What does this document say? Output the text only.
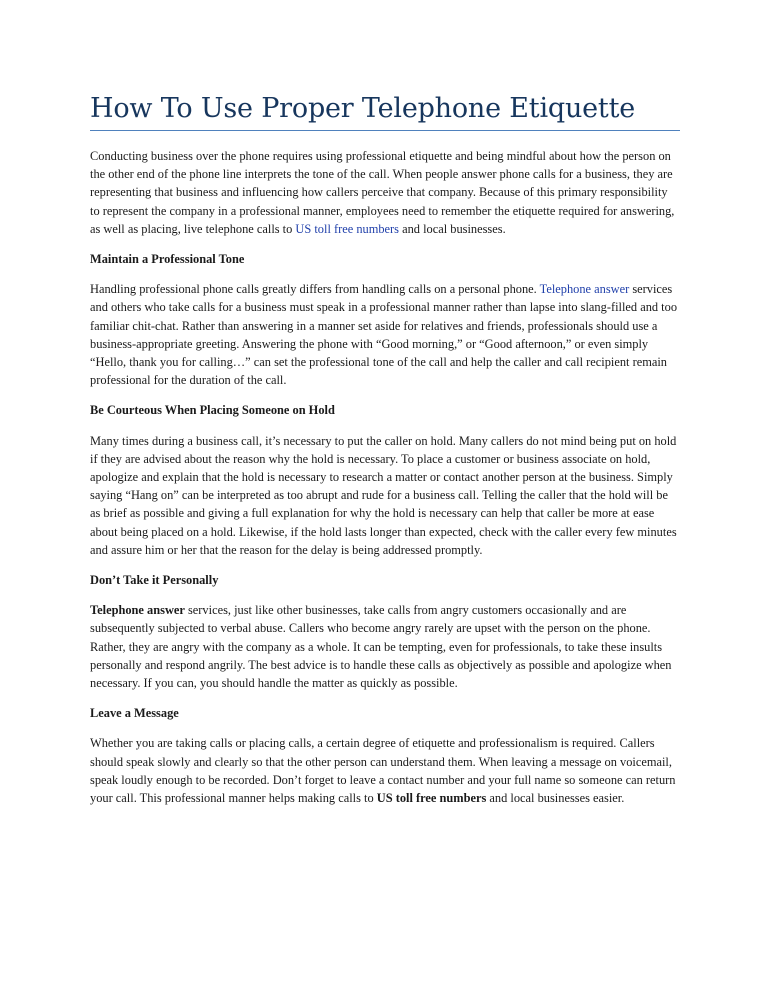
How To Use Proper Telephone Etiquette

Conducting business over the phone requires using professional etiquette and being mindful about how the person on the other end of the phone line interprets the tone of the call. When people answer phone calls for a business, they are representing that business and influencing how callers perceive that company. Because of this primary responsibility to represent the company in a professional manner, employees need to remember the etiquette required for answering, as well as placing, live telephone calls to US toll free numbers and local businesses.

Maintain a Professional Tone

Handling professional phone calls greatly differs from handling calls on a personal phone. Telephone answer services and others who take calls for a business must speak in a professional manner rather than lapse into slang-filled and too familiar chit-chat. Rather than answering in a manner set aside for relatives and friends, professionals should use a business-appropriate greeting. Answering the phone with “Good morning,” or “Good afternoon,” or even simply “Hello, thank you for calling…” can set the professional tone of the call and help the caller and call recipient remain professional for the duration of the call.

Be Courteous When Placing Someone on Hold

Many times during a business call, it’s necessary to put the caller on hold. Many callers do not mind being put on hold if they are advised about the reason why the hold is necessary. To place a customer or business associate on hold, apologize and explain that the hold is necessary to research a matter or contact another person at the business. Simply saying “Hang on” can be interpreted as too abrupt and rude for a business call. Telling the caller that the hold will be as brief as possible and giving a full explanation for why the hold is necessary can help that caller be more at ease about being placed on a hold. Likewise, if the hold lasts longer than expected, check with the caller every few minutes and assure him or her that the reason for the delay is being addressed promptly.

Don’t Take it Personally

Telephone answer services, just like other businesses, take calls from angry customers occasionally and are subsequently subjected to verbal abuse. Callers who become angry rarely are upset with the person on the phone. Rather, they are angry with the company as a whole. It can be tempting, even for professionals, to take these insults personally and respond angrily. The best advice is to handle these calls as objectively as possible and apologize when necessary. If you can, you should handle the matter as quickly as possible.

Leave a Message

Whether you are taking calls or placing calls, a certain degree of etiquette and professionalism is required. Callers should speak slowly and clearly so that the other person can understand them. When leaving a message on voicemail, speak loudly enough to be recorded. Don’t forget to leave a contact number and your full name so someone can return your call. This professional manner helps making calls to US toll free numbers and local businesses easier.
